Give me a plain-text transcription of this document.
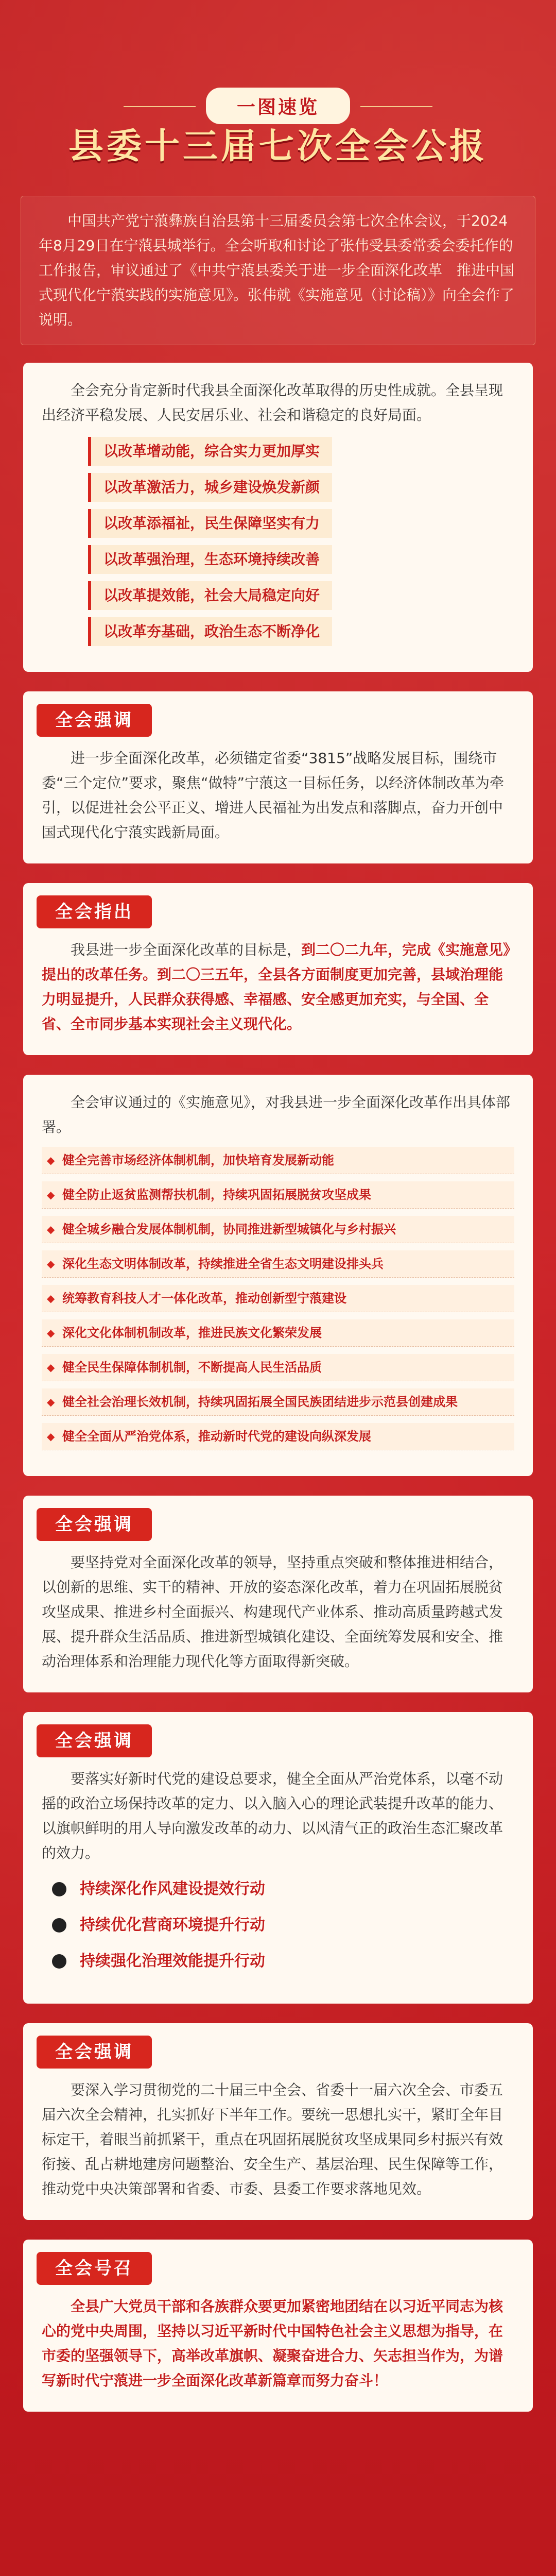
一图速览
县委十三届七次全会公报
中国共产党宁蒗彝族自治县第十三届委员会第七次全体会议，于2024年8月29日在宁蒗县城举行。全会听取和讨论了张伟受县委常委会委托作的工作报告，审议通过了《中共宁蒗县委关于进一步全面深化改革　推进中国式现代化宁蒗实践的实施意见》。张伟就《实施意见（讨论稿）》向全会作了说明。

全会充分肯定新时代我县全面深化改革取得的历史性成就。全县呈现出经济平稳发展、人民安居乐业、社会和谐稳定的良好局面。

以改革增动能，综合实力更加厚实
以改革激活力，城乡建设焕发新颜
以改革添福祉，民生保障坚实有力
以改革强治理，生态环境持续改善
以改革提效能，社会大局稳定向好
以改革夯基础，政治生态不断净化
全会强调

进一步全面深化改革，必须锚定省委“3815”战略发展目标，围绕市委“三个定位”要求，聚焦“做特”宁蒗这一目标任务，以经济体制改革为牵引，以促进社会公平正义、增进人民福祉为出发点和落脚点，奋力开创中国式现代化宁蒗实践新局面。

全会指出

我县进一步全面深化改革的目标是，到二〇二九年，完成《实施意见》提出的改革任务。到二〇三五年，全县各方面制度更加完善，县域治理能力明显提升，人民群众获得感、幸福感、安全感更加充实，与全国、全省、全市同步基本实现社会主义现代化。

全会审议通过的《实施意见》，对我县进一步全面深化改革作出具体部署。

◆ 健全完善市场经济体制机制，加快培育发展新动能
◆ 健全防止返贫监测帮扶机制，持续巩固拓展脱贫攻坚成果
◆ 健全城乡融合发展体制机制，协同推进新型城镇化与乡村振兴
◆ 深化生态文明体制改革，持续推进全省生态文明建设排头兵
◆ 统筹教育科技人才一体化改革，推动创新型宁蒗建设
◆ 深化文化体制机制改革，推进民族文化繁荣发展
◆ 健全民生保障体制机制，不断提高人民生活品质
◆ 健全社会治理长效机制，持续巩固拓展全国民族团结进步示范县创建成果
◆ 健全全面从严治党体系，推动新时代党的建设向纵深发展
全会强调

要坚持党对全面深化改革的领导，坚持重点突破和整体推进相结合，以创新的思维、实干的精神、开放的姿态深化改革，着力在巩固拓展脱贫攻坚成果、推进乡村全面振兴、构建现代产业体系、推动高质量跨越式发展、提升群众生活品质、推进新型城镇化建设、全面统筹发展和安全、推动治理体系和治理能力现代化等方面取得新突破。

全会强调

要落实好新时代党的建设总要求，健全全面从严治党体系，以毫不动摇的政治立场保持改革的定力、以入脑入心的理论武装提升改革的能力、以旗帜鲜明的用人导向激发改革的动力、以风清气正的政治生态汇聚改革的效力。

持续深化作风建设提效行动
持续优化营商环境提升行动
持续强化治理效能提升行动
全会强调

要深入学习贯彻党的二十届三中全会、省委十一届六次全会、市委五届六次全会精神，扎实抓好下半年工作。要统一思想扎实干，紧盯全年目标定干，着眼当前抓紧干，重点在巩固拓展脱贫攻坚成果同乡村振兴有效衔接、乱占耕地建房问题整治、安全生产、基层治理、民生保障等工作，推动党中央决策部署和省委、市委、县委工作要求落地见效。

全会号召

全县广大党员干部和各族群众要更加紧密地团结在以习近平同志为核心的党中央周围，坚持以习近平新时代中国特色社会主义思想为指导，在市委的坚强领导下，高举改革旗帜、凝聚奋进合力、矢志担当作为，为谱写新时代宁蒗进一步全面深化改革新篇章而努力奋斗！
